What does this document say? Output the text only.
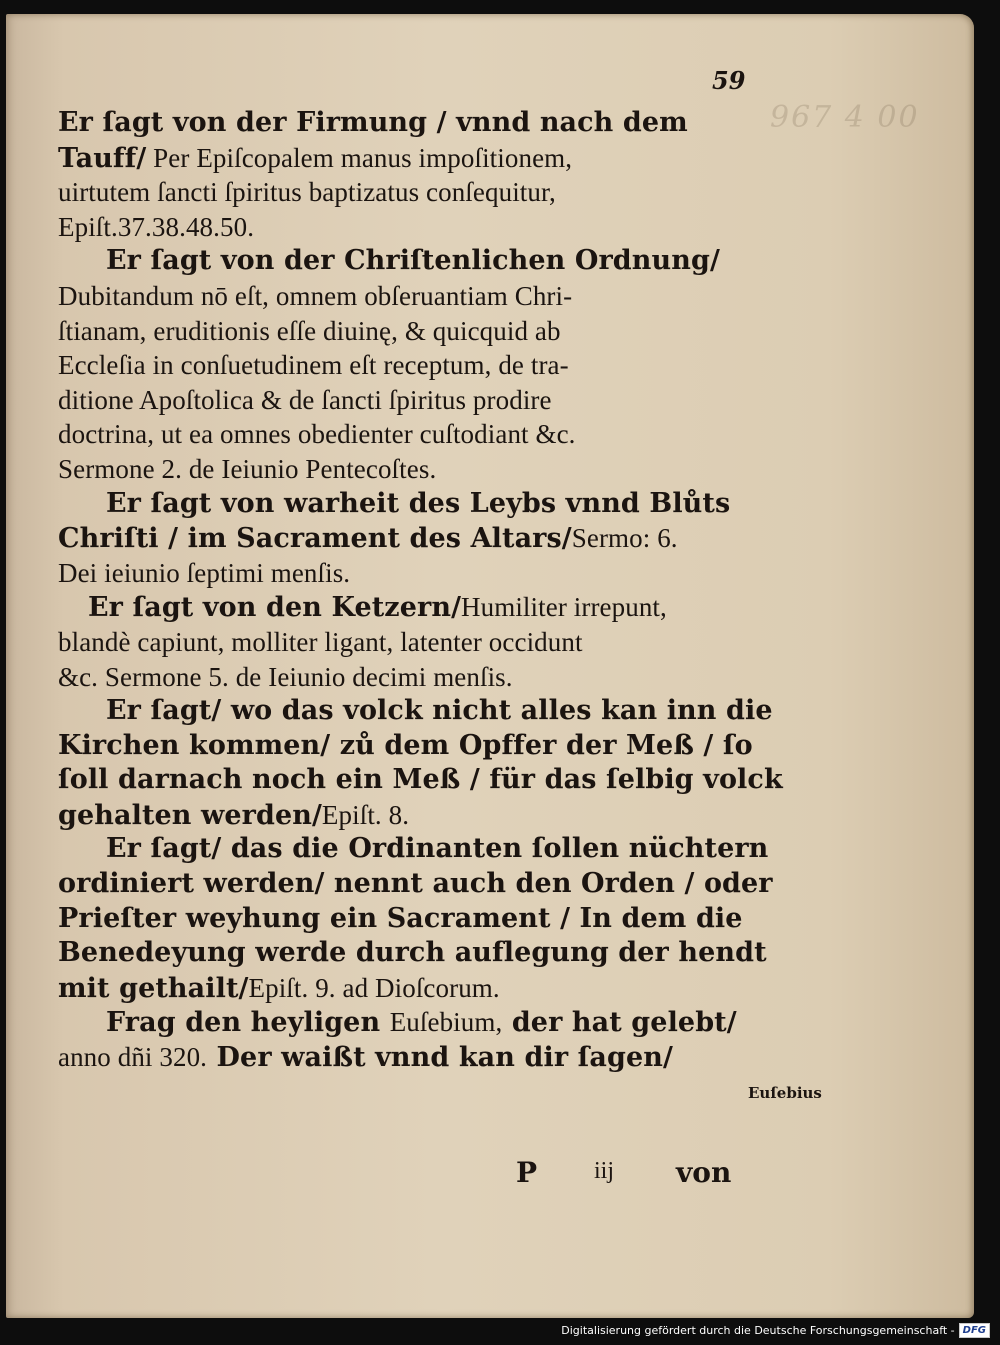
967 4 00
59
Er ſagt von der Firmung / vnnd nach dem
Tauff/ Per Epiſcopalem manus impoſitionem,
uirtutem ſancti ſpiritus baptizatus conſequitur,
Epiſt.37.38.48.50.
Er ſagt von der Chriſtenlichen Ordnung/
Dubitandum nō eſt, omnem obſeruantiam Chri-
ſtianam, eruditionis eſſe diuinę, & quicquid ab
Eccleſia in conſuetudinem eſt receptum, de tra-
ditione Apoſtolica & de ſancti ſpiritus prodire
doctrina, ut ea omnes obedienter cuſtodiant &c.
Sermone 2. de Ieiunio Pentecoſtes.
Er ſagt von warheit des Leybs vnnd Blůts
Chriſti / im Sacrament des Altars/Sermo: 6.
Dei ieiunio ſeptimi menſis.
Er ſagt von den Ketzern/Humiliter irrepunt,
blandè capiunt, molliter ligant, latenter occidunt
&c. Sermone 5. de Ieiunio decimi menſis.
Er ſagt/ wo das volck nicht alles kan inn die
Kirchen kommen/ zů dem Opffer der Meß / ſo
ſoll darnach noch ein Meß / für das ſelbig volck
gehalten werden/Epiſt. 8.
Er ſagt/ das die Ordinanten ſollen nüchtern
ordiniert werden/ nennt auch den Orden / oder
Prieſter weyhung ein Sacrament / In dem die
Benedeyung werde durch auflegung der hendt
mit gethailt/Epiſt. 9. ad Dioſcorum.
Frag den heyligen Euſebium, der hat gelebt/
anno dñi 320. Der waißt vnnd kan dir ſagen/
Euſebius
P iij von
Digitalisierung gefördert durch die Deutsche Forschungsgemeinschaft - DFG
